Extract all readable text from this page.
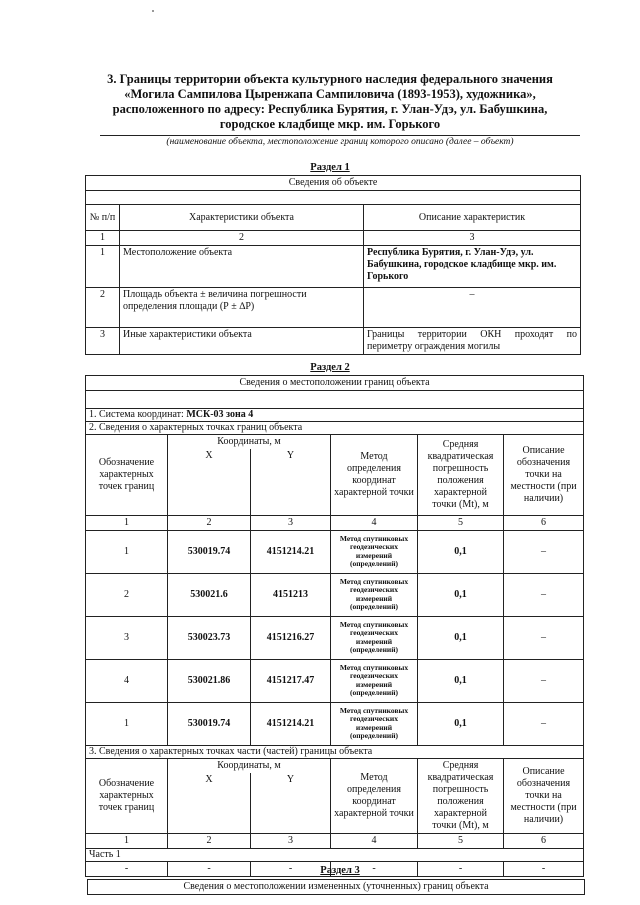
3. Границы территории объекта культурного наследия федерального значения
«Могила Сампилова Цыренжапа Сампиловича (1893-1953), художника»,
расположенного по адресу: Республика Бурятия, г. Улан-Удэ, ул. Бабушкина,
городское кладбище мкр. им. Горького
(наименование объекта, местоположение границ которого описано (далее – объект)
Раздел 1
Сведения об объекте		

№ п/п	Характеристики объекта	Описание характеристик
1	2	3
1	Местоположение объекта	Республика Бурятия, г. Улан-Удэ, ул. Бабушкина, городское кладбище мкр. им. Горького
2	Площадь объекта ± величина погрешности определения площади (Р ± ∆Р)	–
3	Иные характеристики объекта	Границы территории ОКН проходят по периметру ограждения могилы
Раздел 2
Сведения о местоположении границ объекта					

1. Система координат: МСК-03 зона 4					
2. Сведения о характерных точках границ объекта					
Обозначение характерных точек границ	Координаты, м		Метод определения координат характерной точки	Средняя квадратическая погрешность положения характерной точки (Mt), м	Описание обозначения точки на местности (при наличии)
	X	Y			
1	2	3	4	5	6
1	530019.74	4151214.21	Метод спутниковых геодезических измерений (определений)	0,1	–
2	530021.6	4151213	Метод спутниковых геодезических измерений (определений)	0,1	–
3	530023.73	4151216.27	Метод спутниковых геодезических измерений (определений)	0,1	–
4	530021.86	4151217.47	Метод спутниковых геодезических измерений (определений)	0,1	–
1	530019.74	4151214.21	Метод спутниковых геодезических измерений (определений)	0,1	–
3. Сведения о характерных точках части (частей) границы объекта					
Обозначение характерных точек границ	Координаты, м		Метод определения координат характерной точки	Средняя квадратическая погрешность положения характерной точки (Mt), м	Описание обозначения точки на местности (при наличии)
	X	Y			
1	2	3	4	5	6
Часть 1					
-	-	-	-	-	-
Раздел 3
Сведения о местоположении измененных (уточненных) границ объекта
